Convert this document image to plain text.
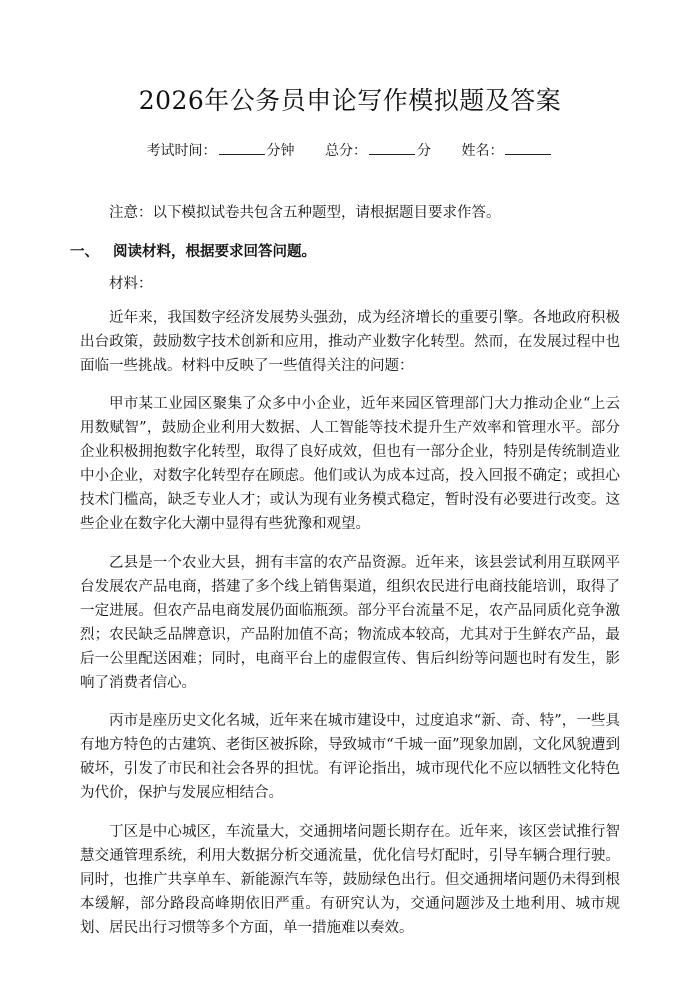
2026年公务员申论写作模拟题及答案
考试时间：	分钟 总分：	分 姓名：

注意：以下模拟试卷共包含五种题型，请根据题目要求作答。

一、 阅读材料，根据要求回答问题。
材料：

近年来，我国数字经济发展势头强劲，成为经济增长的重要引擎。各地政府积极出台政策，鼓励数字技术创新和应用，推动产业数字化转型。然而，在发展过程中也面临一些挑战。材料中反映了一些值得关注的问题：

甲市某工业园区聚集了众多中小企业，近年来园区管理部门大力推动企业“上云用数赋智”，鼓励企业利用大数据、人工智能等技术提升生产效率和管理水平。部分企业积极拥抱数字化转型，取得了良好成效，但也有一部分企业，特别是传统制造业中小企业，对数字化转型存在顾虑。他们或认为成本过高，投入回报不确定；或担心技术门槛高，缺乏专业人才；或认为现有业务模式稳定，暂时没有必要进行改变。这些企业在数字化大潮中显得有些犹豫和观望。

乙县是一个农业大县，拥有丰富的农产品资源。近年来，该县尝试利用互联网平台发展农产品电商，搭建了多个线上销售渠道，组织农民进行电商技能培训，取得了一定进展。但农产品电商发展仍面临瓶颈。部分平台流量不足，农产品同质化竞争激烈；农民缺乏品牌意识，产品附加值不高；物流成本较高，尤其对于生鲜农产品，最后一公里配送困难；同时，电商平台上的虚假宣传、售后纠纷等问题也时有发生，影响了消费者信心。

丙市是座历史文化名城，近年来在城市建设中，过度追求“新、奇、特”，一些具有地方特色的古建筑、老街区被拆除，导致城市“千城一面”现象加剧，文化风貌遭到破坏，引发了市民和社会各界的担忧。有评论指出，城市现代化不应以牺牲文化特色为代价，保护与发展应相结合。

丁区是中心城区，车流量大，交通拥堵问题长期存在。近年来，该区尝试推行智慧交通管理系统，利用大数据分析交通流量，优化信号灯配时，引导车辆合理行驶。同时，也推广共享单车、新能源汽车等，鼓励绿色出行。但交通拥堵问题仍未得到根本缓解，部分路段高峰期依旧严重。有研究认为，交通问题涉及土地利用、城市规划、居民出行习惯等多个方面，单一措施难以奏效。
